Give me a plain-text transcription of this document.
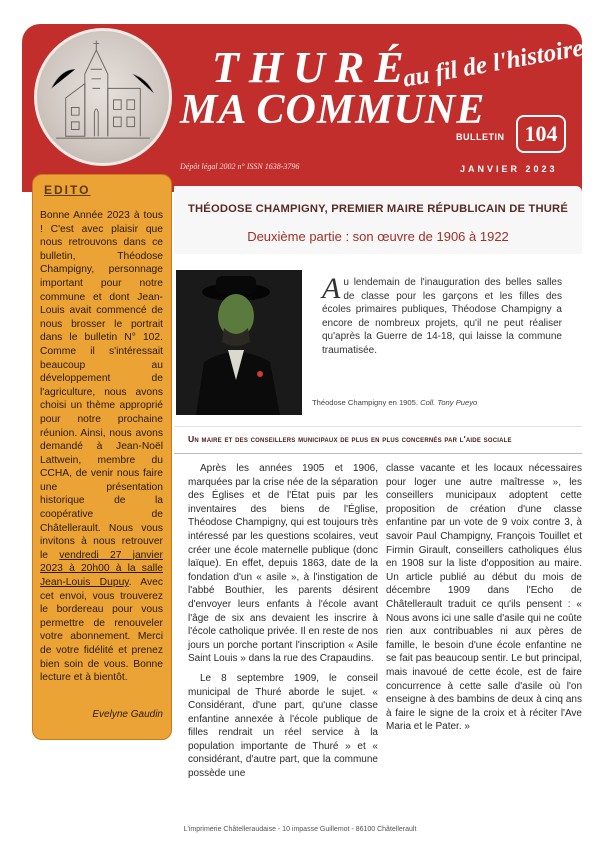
THURÉ
MA COMMUNE
au fil de l'histoire
Dépôt légal 2002 n° ISSN 1638-3796
BULLETIN 104
JANVIER 2023
EDITO
Bonne Année 2023 à tous ! C'est avec plaisir que nous retrouvons dans ce bulletin, Théodose Champigny, personnage important pour notre commune et dont Jean-Louis avait commencé de nous brosser le portrait dans le bulletin N° 102. Comme il s'intéressait beaucoup au développement de l'agriculture, nous avons choisi un thème approprié pour notre prochaine réunion. Ainsi, nous avons demandé à Jean-Noël Lattwein, membre du CCHA, de venir nous faire une présentation historique de la coopérative de Châtellerault. Nous vous invitons à nous retrouver le vendredi 27 janvier 2023 à 20h00 à la salle Jean-Louis Dupuy. Avec cet envoi, vous trouverez le bordereau pour vous permettre de renouveler votre abonnement. Merci de votre fidélité et prenez bien soin de vous. Bonne lecture et à bientôt.
Evelyne Gaudin
THÉODOSE CHAMPIGNY, PREMIER MAIRE RÉPUBLICAIN DE THURÉ
Deuxième partie : son œuvre de 1906 à 1922
Au lendemain de l'inauguration des belles salles de classe pour les garçons et les filles des écoles primaires publiques, Théodose Champigny a encore de nombreux projets, qu'il ne peut réaliser qu'après la Guerre de 14-18, qui laisse la commune traumatisée.
Théodose Champigny en 1905. Coll. Tony Pueyo
Un maire et des conseillers municipaux de plus en plus concernés par l'aide sociale

Après les années 1905 et 1906, marquées par la crise née de la séparation des Églises et de l'État puis par les inventaires des biens de l'Église, Théodose Champigny, qui est toujours très intéressé par les questions scolaires, veut créer une école maternelle publique (donc laïque). En effet, depuis 1863, date de la fondation d'un « asile », à l'instigation de l'abbé Bouthier, les parents désirent d'envoyer leurs enfants à l'école avant l'âge de six ans devaient les inscrire à l'école catholique privée. Il en reste de nos jours un porche portant l'inscription « Asile Saint Louis » dans la rue des Crapaudins.

Le 8 septembre 1909, le conseil municipal de Thuré aborde le sujet. « Considérant, d'une part, qu'une classe enfantine annexée à l'école publique de filles rendrait un réel service à la population importante de Thuré » et « considérant, d'autre part, que la commune possède une

classe vacante et les locaux nécessaires pour loger une autre maîtresse », les conseillers municipaux adoptent cette proposition de création d'une classe enfantine par un vote de 9 voix contre 3, à savoir Paul Champigny, François Touillet et Firmin Girault, conseillers catholiques élus en 1908 sur la liste d'opposition au maire. Un article publié au début du mois de décembre 1909 dans l'Echo de Châtellerault traduit ce qu'ils pensent : « Nous avons ici une salle d'asile qui ne coûte rien aux contribuables ni aux pères de famille, le besoin d'une école enfantine ne se fait pas beaucoup sentir. Le but principal, mais inavoué de cette école, est de faire concurrence à cette salle d'asile où l'on enseigne à des bambins de deux à cinq ans à faire le signe de la croix et à réciter l'Ave Maria et le Pater. »

L'imprimerie Châtelleraudaise - 10 impasse Guillemot - 86100 Châtellerault
